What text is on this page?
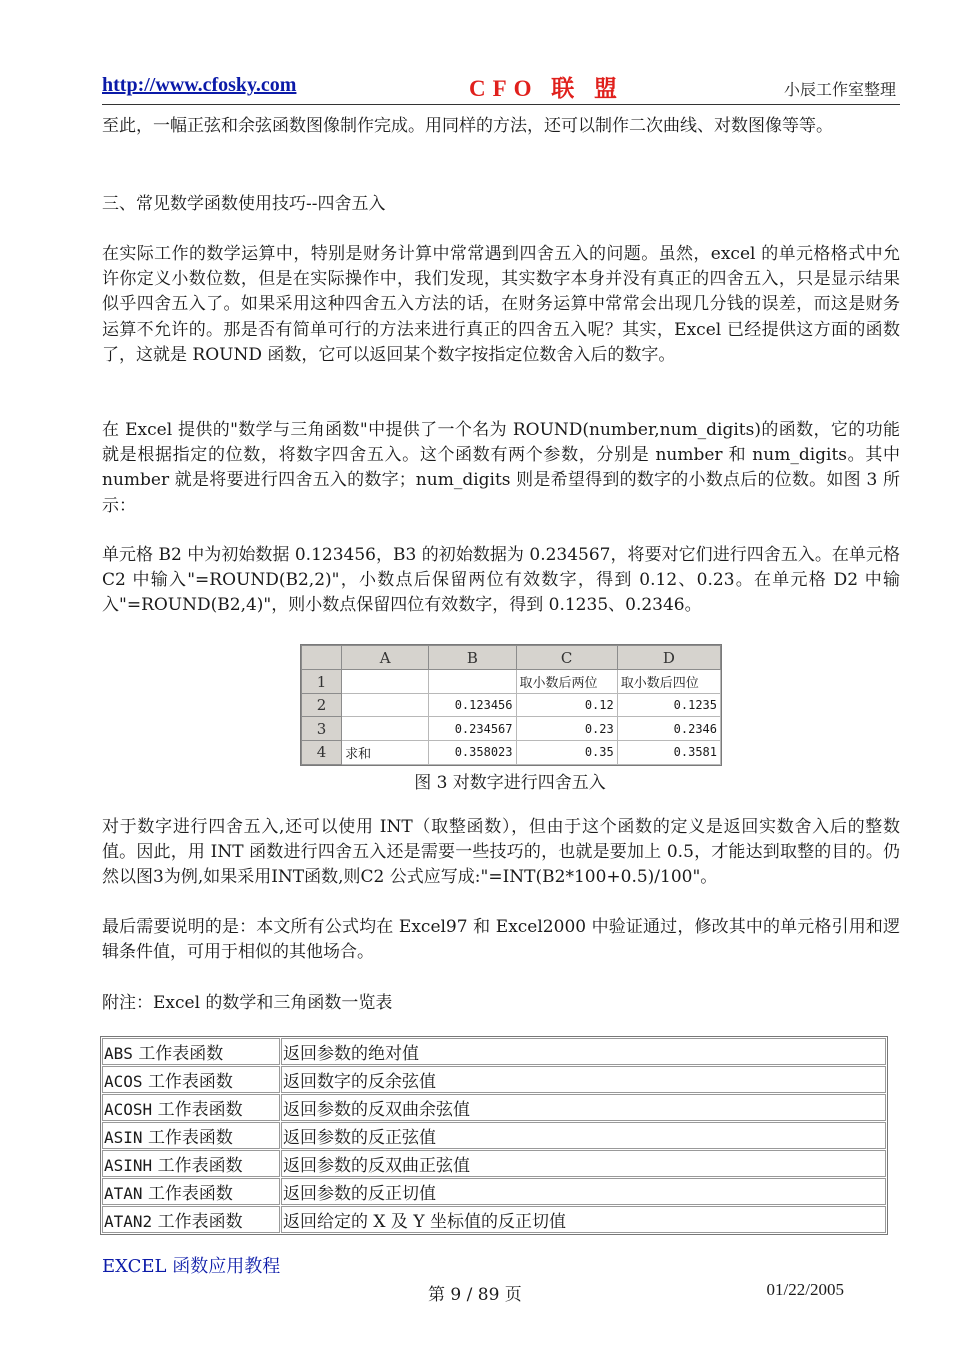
http://www.cfosky.com	CFO 联 盟	小辰工作室整理
至此，一幅正弦和余弦函数图像制作完成。用同样的方法，还可以制作二次曲线、对数图像等等。
三、常见数学函数使用技巧--四舍五入
在实际工作的数学运算中，特别是财务计算中常常遇到四舍五入的问题。虽然，excel 的单元格格式中允许你定义小数位数，但是在实际操作中，我们发现，其实数字本身并没有真正的四舍五入，只是显示结果似乎四舍五入了。如果采用这种四舍五入方法的话，在财务运算中常常会出现几分钱的误差，而这是财务运算不允许的。那是否有简单可行的方法来进行真正的四舍五入呢？其实，Excel 已经提供这方面的函数了，这就是 ROUND 函数，它可以返回某个数字按指定位数舍入后的数字。
在 Excel 提供的"数学与三角函数"中提供了一个名为 ROUND(number,num_digits)的函数，它的功能就是根据指定的位数，将数字四舍五入。这个函数有两个参数，分别是 number 和 num_digits。其中 number 就是将要进行四舍五入的数字；num_digits 则是希望得到的数字的小数点后的位数。如图 3 所示：
单元格 B2 中为初始数据 0.123456，B3 的初始数据为 0.234567，将要对它们进行四舍五入。在单元格 C2 中输入"=ROUND(B2,2)"，小数点后保留两位有效数字，得到 0.12、0.23。在单元格 D2 中输入"=ROUND(B2,4)"，则小数点保留四位有效数字，得到 0.1235、0.2346。
	A	B	C	D
1			取小数后两位	取小数后四位
2		0.123456	0.12	0.1235
3		0.234567	0.23	0.2346
4	求和	0.358023	0.35	0.3581
图 3 对数字进行四舍五入
对于数字进行四舍五入,还可以使用 INT（取整函数），但由于这个函数的定义是返回实数舍入后的整数值。因此，用 INT 函数进行四舍五入还是需要一些技巧的，也就是要加上 0.5，才能达到取整的目的。仍然以图3为例,如果采用INT函数,则C2 公式应写成:"=INT(B2*100+0.5)/100"。
最后需要说明的是：本文所有公式均在 Excel97 和 Excel2000 中验证通过，修改其中的单元格引用和逻辑条件值，可用于相似的其他场合。
附注：Excel 的数学和三角函数一览表
ABS 工作表函数	返回参数的绝对值
ACOS 工作表函数	返回数字的反余弦值
ACOSH 工作表函数	返回参数的反双曲余弦值
ASIN 工作表函数	返回参数的反正弦值
ASINH 工作表函数	返回参数的反双曲正弦值
ATAN 工作表函数	返回参数的反正切值
ATAN2 工作表函数	返回给定的 X 及 Y 坐标值的反正切值
EXCEL 函数应用教程
第 9 / 89 页	01/22/2005
